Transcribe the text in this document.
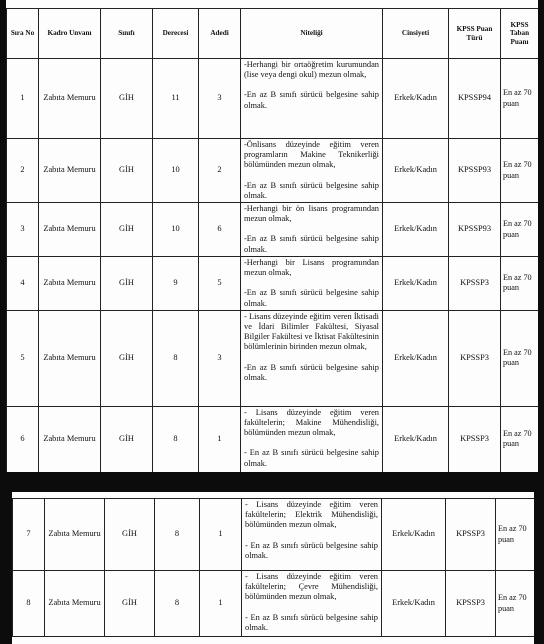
Sıra No	Kadro Unvanı	Sınıfı	Derecesi	Adedi	Niteliği	Cinsiyeti	KPSS Puan Türü	KPSS Taban Puanı
1	Zabıta Memuru	GİH	11	3	-Herhangi bir ortaöğretim kurumundan (lise veya dengi okul) mezun olmak,
-En az B sınıfı sürücü belgesine sahip olmak.	Erkek/Kadın	KPSSP94	En az 70 puan
2	Zabıta Memuru	GİH	10	2	-Önlisans düzeyinde eğitim veren programların Makine Teknikerliği bölümünden mezun olmak,
-En az B sınıfı sürücü belgesine sahip olmak.	Erkek/Kadın	KPSSP93	En az 70 puan
3	Zabıta Memuru	GİH	10	6	-Herhangi bir ön lisans programından mezun olmak,
-En az B sınıfı sürücü belgesine sahip olmak.	Erkek/Kadın	KPSSP93	En az 70 puan
4	Zabıta Memuru	GİH	9	5	-Herhangi bir Lisans programından mezun olmak,
-En az B sınıfı sürücü belgesine sahip olmak.	Erkek/Kadın	KPSSP3	En az 70 puan
5	Zabıta Memuru	GİH	8	3	- Lisans düzeyinde eğitim veren İktisadi ve İdari Bilimler Fakültesi, Siyasal Bilgiler Fakültesi ve İktisat Fakültesinin bölümlerinin birinden mezun olmak,
-En az B sınıfı sürücü belgesine sahip olmak.	Erkek/Kadın	KPSSP3	En az 70 puan
6	Zabıta Memuru	GİH	8	1	- Lisans düzeyinde eğitim veren fakültelerin; Makine Mühendisliği, bölümünden mezun olmak,
- En az B sınıfı sürücü belgesine sahip olmak.	Erkek/Kadın	KPSSP3	En az 70 puan
7	Zabıta Memuru	GİH	8	1	- Lisans düzeyinde eğitim veren fakültelerin; Elektrik Mühendisliği, bölümünden mezun olmak,
- En az B sınıfı sürücü belgesine sahip olmak.	Erkek/Kadın	KPSSP3	En az 70 puan
8	Zabıta Memuru	GİH	8	1	- Lisans düzeyinde eğitim veren fakültelerin; Çevre Mühendisliği, bölümünden mezun olmak,
- En az B sınıfı sürücü belgesine sahip olmak.	Erkek/Kadın	KPSSP3	En az 70 puan
